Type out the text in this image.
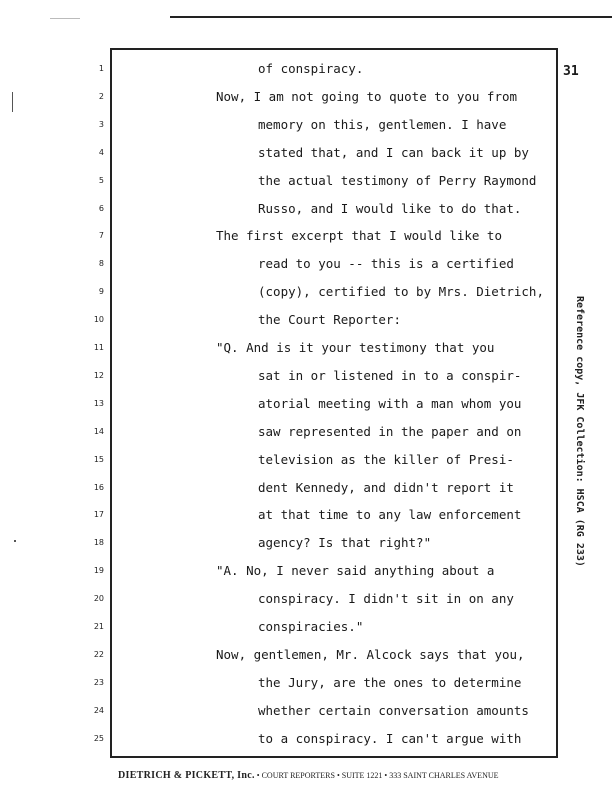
31
1	of conspiracy.
2	Now, I am not going to quote to you from
3	memory on this, gentlemen. I have
4	stated that, and I can back it up by
5	the actual testimony of Perry Raymond
6	Russo, and I would like to do that.
7	The first excerpt that I would like to
8	read to you -- this is a certified
9	(copy), certified to by Mrs. Dietrich,
10	the Court Reporter:
11	"Q. And is it your testimony that you
12	sat in or listened in to a conspir-
13	atorial meeting with a man whom you
14	saw represented in the paper and on
15	television as the killer of Presi-
16	dent Kennedy, and didn't report it
17	at that time to any law enforcement
18	agency? Is that right?"
19	"A. No, I never said anything about a
20	conspiracy. I didn't sit in on any
21	conspiracies."
22	Now, gentlemen, Mr. Alcock says that you,
23	the Jury, are the ones to determine
24	whether certain conversation amounts
25	to a conspiracy. I can't argue with
Reference copy, JFK Collection: HSCA (RG 233)
DIETRICH & PICKETT, Inc. • COURT REPORTERS • SUITE 1221 • 333 SAINT CHARLES AVENUE
